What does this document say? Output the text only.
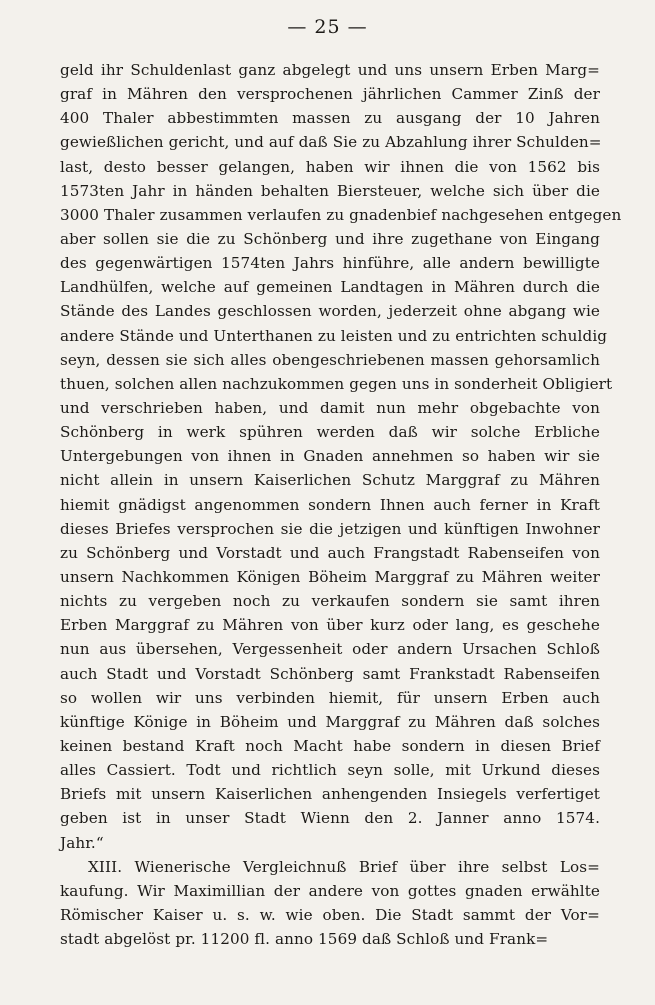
— 25 —
geld ihr Schuldenlast ganz abgelegt und uns unsern Erben Marg=
graf in Mähren den versprochenen jährlichen Cammer Zinß der
400 Thaler abbestimmten massen zu ausgang der 10 Jahren
gewießlichen gericht, und auf daß Sie zu Abzahlung ihrer Schulden=
last, desto besser gelangen, haben wir ihnen die von 1562 bis
1573ten Jahr in händen behalten Biersteuer, welche sich über die
3000 Thaler zusammen verlaufen zu gnadenbief nachgesehen entgegen
aber sollen sie die zu Schönberg und ihre zugethane von Eingang
des gegenwärtigen 1574ten Jahrs hinführe, alle andern bewilligte
Landhülfen, welche auf gemeinen Landtagen in Mähren durch die
Stände des Landes geschlossen worden, jederzeit ohne abgang wie
andere Stände und Unterthanen zu leisten und zu entrichten schuldig
seyn, dessen sie sich alles obengeschriebenen massen gehorsamlich
thuen, solchen allen nachzukommen gegen uns in sonderheit Obligiert
und verschrieben haben, und damit nun mehr obgebachte von
Schönberg in werk spühren werden daß wir solche Erbliche
Untergebungen von ihnen in Gnaden annehmen so haben wir sie
nicht allein in unsern Kaiserlichen Schutz Marggraf zu Mähren
hiemit gnädigst angenommen sondern Ihnen auch ferner in Kraft
dieses Briefes versprochen sie die jetzigen und künftigen Inwohner
zu Schönberg und Vorstadt und auch Frangstadt Rabenseifen von
unsern Nachkommen Königen Böheim Marggraf zu Mähren weiter
nichts zu vergeben noch zu verkaufen sondern sie samt ihren
Erben Marggraf zu Mähren von über kurz oder lang, es geschehe
nun aus übersehen, Vergessenheit oder andern Ursachen Schloß
auch Stadt und Vorstadt Schönberg samt Frankstadt Rabenseifen
so wollen wir uns verbinden hiemit, für unsern Erben auch
künftige Könige in Böheim und Marggraf zu Mähren daß solches
keinen bestand Kraft noch Macht habe sondern in diesen Brief
alles Cassiert. Todt und richtlich seyn solle, mit Urkund dieses
Briefs mit unsern Kaiserlichen anhengenden Insiegels verfertiget
geben ist in unser Stadt Wienn den 2. Janner anno 1574.
Jahr.“
XIII. Wienerische Vergleichnuß Brief über ihre selbst Los=
kaufung. Wir Maximillian der andere von gottes gnaden erwählte
Römischer Kaiser u. s. w. wie oben. Die Stadt sammt der Vor=
stadt abgelöst pr. 11200 fl. anno 1569 daß Schloß und Frank=
